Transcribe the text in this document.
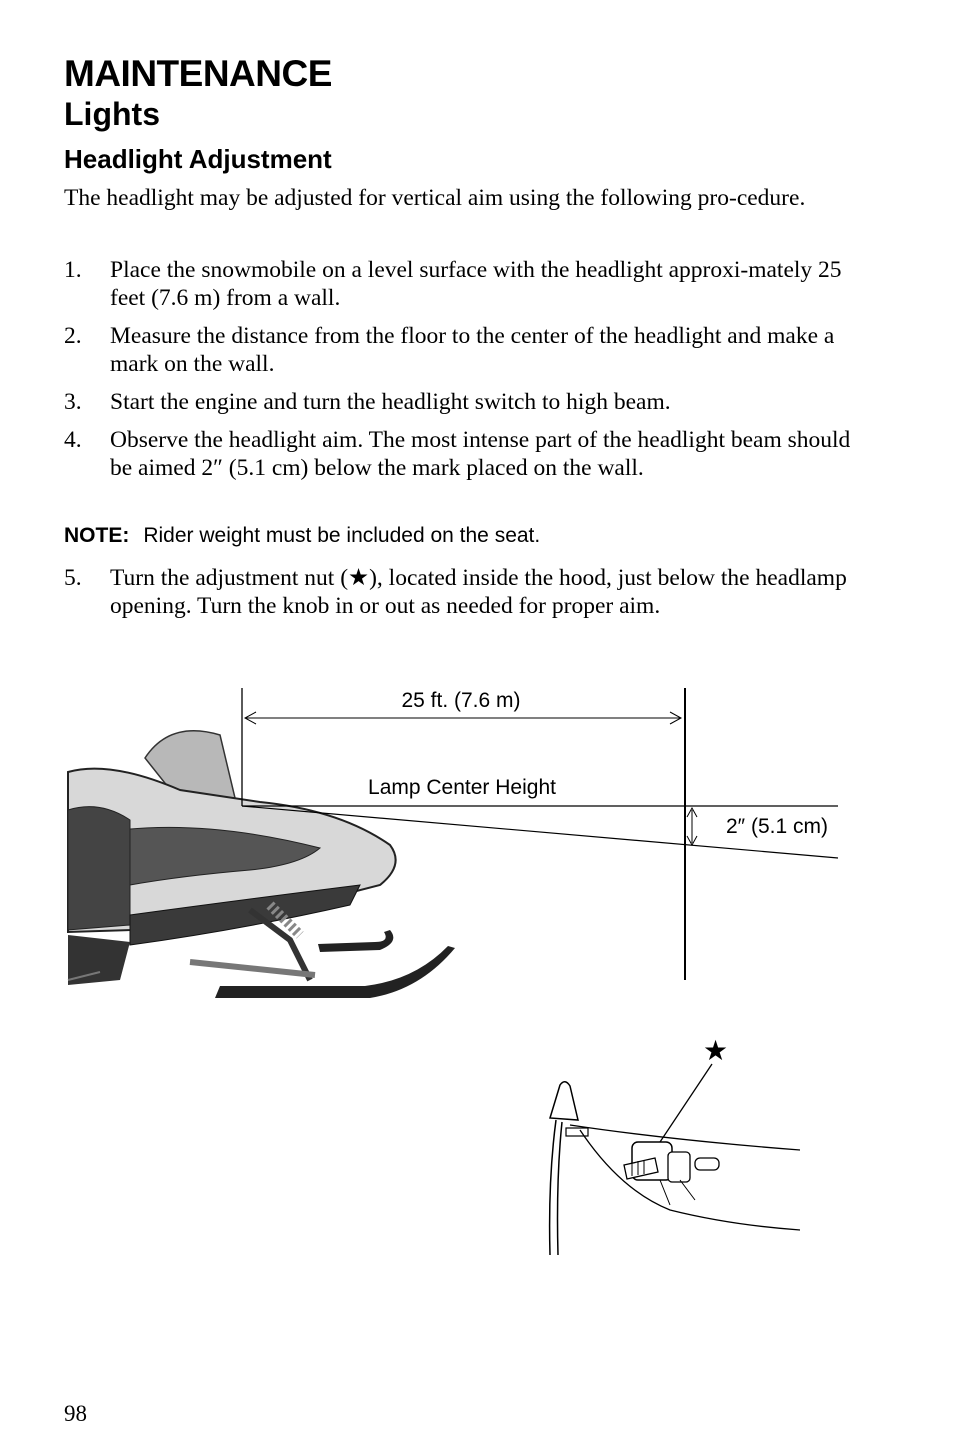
MAINTENANCE
Lights
Headlight Adjustment
The headlight may be adjusted for vertical aim using the following pro-cedure.
1. Place the snowmobile on a level surface with the headlight approxi-mately 25 feet (7.6 m) from a wall.
2. Measure the distance from the floor to the center of the headlight and make a mark on the wall.
3. Start the engine and turn the headlight switch to high beam.
4. Observe the headlight aim. The most intense part of the headlight beam should be aimed 2″ (5.1 cm) below the mark placed on the wall.
NOTE: Rider weight must be included on the seat.
5. Turn the adjustment nut (★), located inside the hood, just below the headlamp opening. Turn the knob in or out as needed for proper aim.
25 ft. (7.6 m)
Lamp Center Height
2″ (5.1 cm)
★
98
